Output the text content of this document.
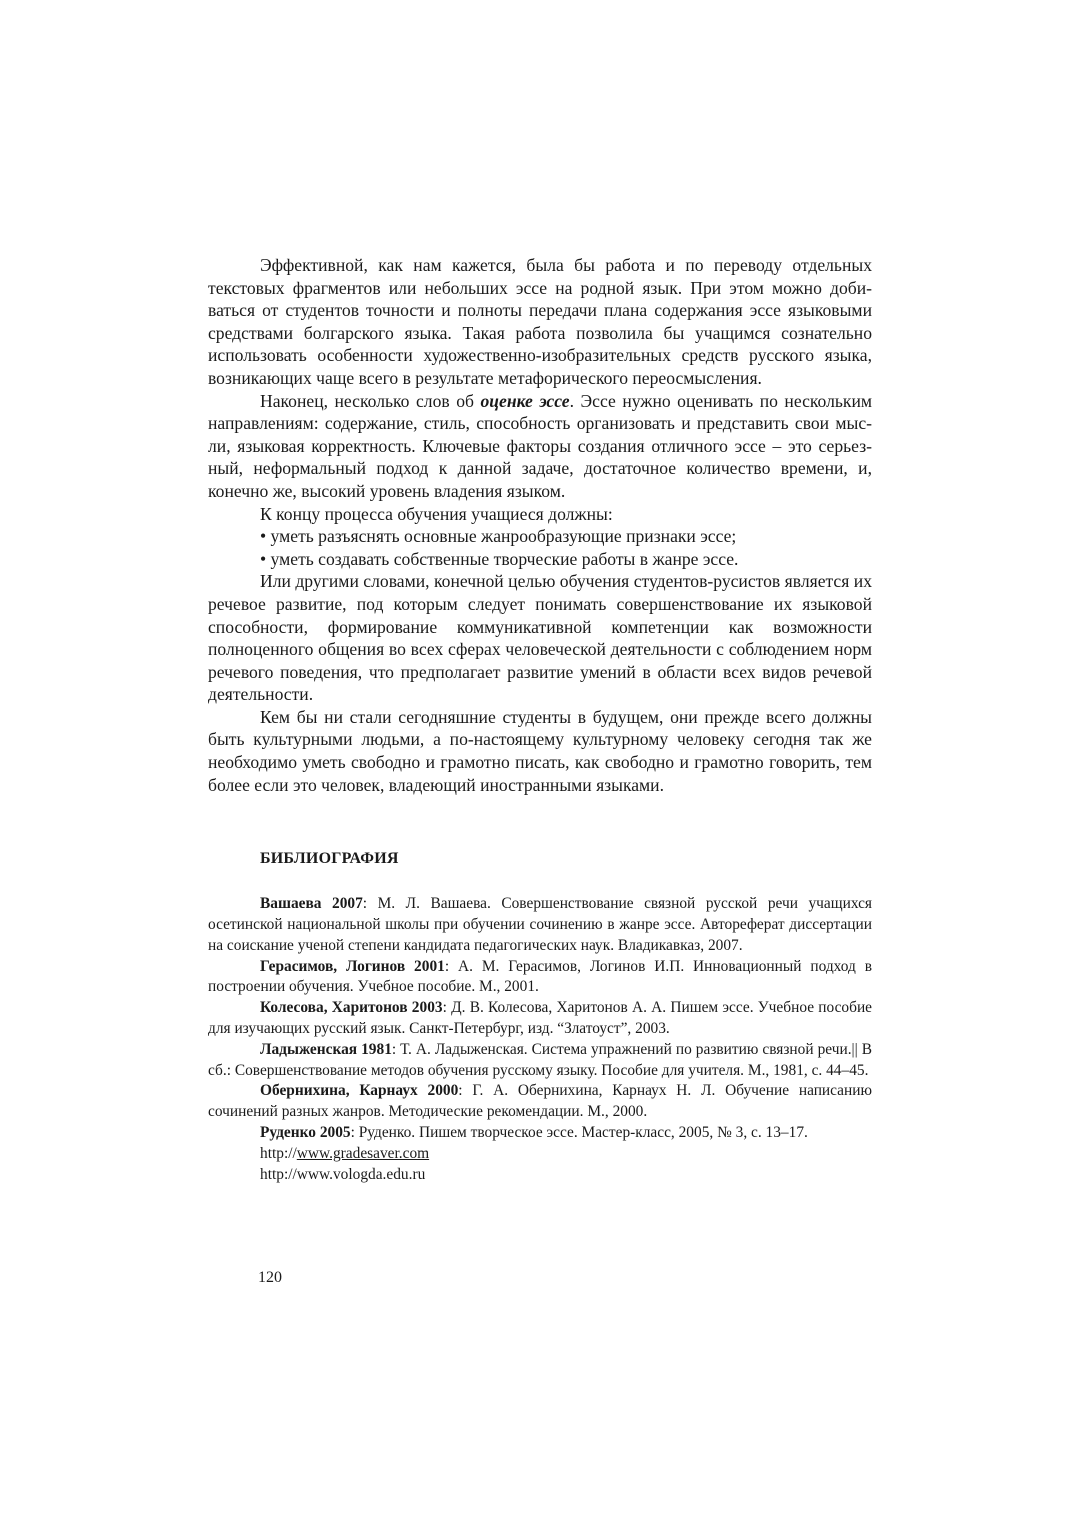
Эффективной, как нам кажется, была бы работа и по переводу отдельных текстовых фрагментов или небольших эссе на родной язык. При этом можно добиваться от студентов точности и полноты передачи плана содержания эссе языковыми средствами болгарского языка. Такая работа позволила бы учащимся сознательно использовать особенности художественно-изобразительных средств русского языка, возникающих чаще всего в результате метафорического переосмысления.

Наконец, несколько слов об оценке эссе. Эссе нужно оценивать по нескольким направлениям: содержание, стиль, способность организовать и представить свои мысли, языковая корректность. Ключевые факторы создания отличного эссе – это серьезный, неформальный подход к данной задаче, достаточное количество времени, и, конечно же, высокий уровень владения языком.

К концу процесса обучения учащиеся должны:

• уметь разъяснять основные жанрообразующие признаки эссе;

• уметь создавать собственные творческие работы в жанре эссе.

Или другими словами, конечной целью обучения студентов-русистов является их речевое развитие, под которым следует понимать совершенствование их языковой способности, формирование коммуникативной компетенции как возможности полноценного общения во всех сферах человеческой деятельности с соблюдением норм речевого поведения, что предполагает развитие умений в области всех видов речевой деятельности.

Кем бы ни стали сегодняшние студенты в будущем, они прежде всего должны быть культурными людьми, а по-настоящему культурному человеку сегодня так же необходимо уметь свободно и грамотно писать, как свободно и грамотно говорить, тем более если это человек, владеющий иностранными языками.

БИБЛИОГРАФИЯ

Вашаева 2007: М. Л. Вашаева. Совершенствование связной русской речи учащихся осетинской национальной школы при обучении сочинению в жанре эссе. Автореферат диссертации на соискание ученой степени кандидата педагогических наук. Владикавказ, 2007.

Герасимов, Логинов 2001: А. М. Герасимов, Логинов И.П. Инновационный подход в построении обучения. Учебное пособие. М., 2001.

Колесова, Харитонов 2003: Д. В. Колесова, Харитонов А. А. Пишем эссе. Учебное пособие для изучающих русский язык. Санкт-Петербург, изд. “Златоуст”, 2003.

Ладыженская 1981: Т. А. Ладыженская. Система упражнений по развитию связной речи.|| В сб.: Совершенствование методов обучения русскому языку. Пособие для учителя. М., 1981, с. 44–45.

Обернихина, Карнаух 2000: Г. А. Обернихина, Карнаух Н. Л. Обучение написанию сочинений разных жанров. Методические рекомендации. М., 2000.

Руденко 2005: Руденко. Пишем творческое эссе. Мастер-класс, 2005, № 3, с. 13–17.

http://www.gradesaver.com

http://www.vologda.edu.ru

120
